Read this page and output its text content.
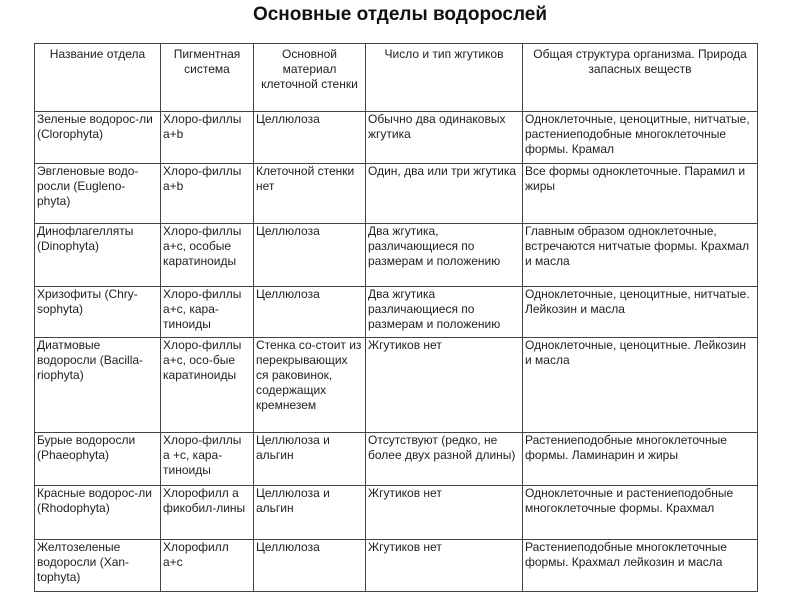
Основные отделы водорослей
Название отдела	Пигментная система	Основной материал клеточной стенки	Число и тип жгутиков	Общая структура организма. Природа запасных веществ
Зеленые водорос-ли (Clorophyta)	Хлоро-филлы а+b	Целлюлоза	Обычно два одинаковых жгутика	Одноклеточные, ценоцитные, нитчатые, растениеподобные многоклеточные формы. Крамал
Эвгленовые водо-росли (Eugleno-phyta)	Хлоро-филлы а+b	Клеточной стенки нет	Один, два или три жгутика	Все формы одноклеточные. Парамил и жиры
Динофлагелляты (Dinophyta)	Хлоро-филлы а+с, особые каратиноиды	Целлюлоза	Два жгутика, различающиеся по размерам и положению	Главным образом одноклеточные, встречаются нитчатые формы. Крахмал и масла
Хризофиты (Chry-sophyta)	Хлоро-филлы а+с, кара-тиноиды	Целлюлоза	Два жгутика различающиеся по размерам и положению	Одноклеточные, ценоцитные, нитчатые. Лейкозин и масла
Диатмовые водоросли (Bacilla-riophyta)	Хлоро-филлы а+с, осо-бые каратиноиды	Стенка со-стоит из перекрывающих ся раковинок, содержащих кремнезем	Жгутиков нет	Одноклеточные, ценоцитные. Лейкозин и масла
Бурые водоросли (Phaeophyta)	Хлоро-филлы а +с, кара-тиноиды	Целлюлоза и альгин	Отсутствуют (редко, не более двух разной длины)	Растениеподобные многоклеточные формы. Ламинарин и жиры
Красные водорос-ли (Rhodophyta)	Хлорофилл а фикобил-лины	Целлюлоза и альгин	Жгутиков нет	Одноклеточные и растениеподобные многоклеточные формы. Крахмал
Желтозеленые водоросли (Xan-tophyta)	Хлорофилл а+с	Целлюлоза	Жгутиков нет	Растениеподобные многоклеточные формы. Крахмал лейкозин и масла
